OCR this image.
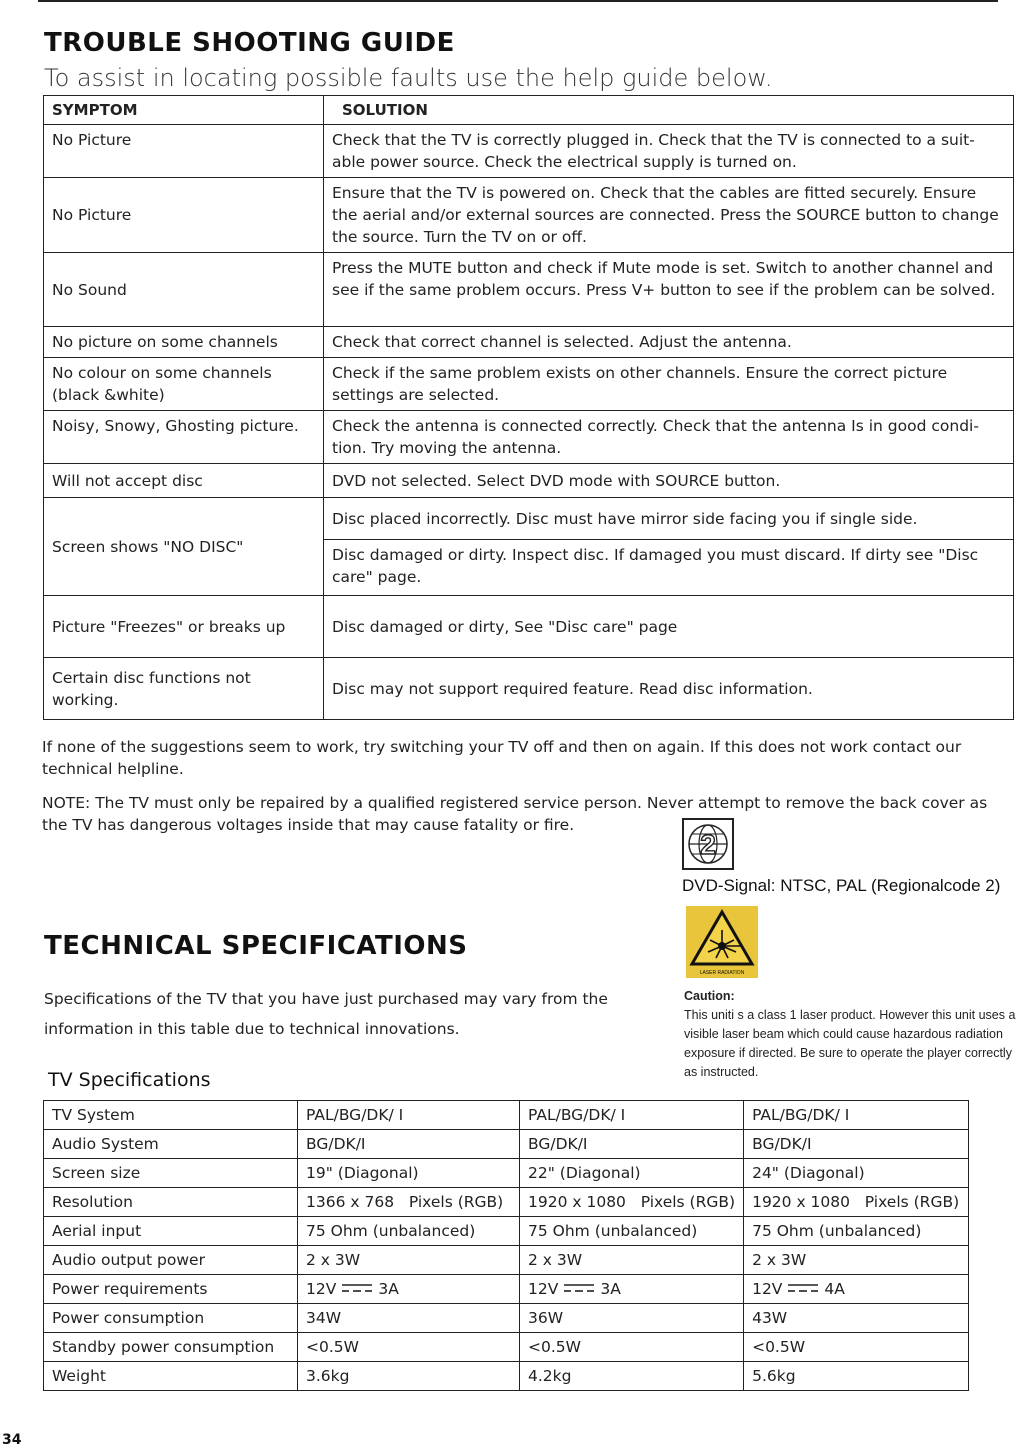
TROUBLE SHOOTING GUIDE
To assist in locating possible faults use the help guide below.
SYMPTOM	SOLUTION
No Picture	Check that the TV is correctly plugged in. Check that the TV is connected to a suit-able power source. Check the electrical supply is turned on.
No Picture	Ensure that the TV is powered on. Check that the cables are fitted securely. Ensure the aerial and/or external sources are connected. Press the SOURCE button to change the source. Turn the TV on or off.
No Sound	Press the MUTE button and check if Mute mode is set. Switch to another channel and see if the same problem occurs. Press V+ button to see if the problem can be solved.
No picture on some channels	Check that correct channel is selected. Adjust the antenna.
No colour on some channels (black &white)	Check if the same problem exists on other channels. Ensure the correct picture settings are selected.
Noisy, Snowy, Ghosting picture.	Check the antenna is connected correctly. Check that the antenna Is in good condi-tion. Try moving the antenna.
Will not accept disc	DVD not selected. Select DVD mode with SOURCE button.
Screen shows "NO DISC"	Disc placed incorrectly. Disc must have mirror side facing you if single side.
	Disc damaged or dirty. Inspect disc. If damaged you must discard. If dirty see "Disc care" page.
Picture "Freezes" or breaks up	Disc damaged or dirty, See "Disc care" page
Certain disc functions not working.	Disc may not support required feature. Read disc information.
If none of the suggestions seem to work, try switching your TV off and then on again. If this does not work contact our technical helpline.
NOTE: The TV must only be repaired by a qualified registered service person. Never attempt to remove the back cover as the TV has dangerous voltages inside that may cause fatality or fire.
2
DVD-Signal: NTSC, PAL (Regionalcode 2)
LASER RADIATION
Caution:
This uniti s a class 1 laser product. However this unit uses a visible laser beam which could cause hazardous radiation exposure if directed. Be sure to operate the player correctly as instructed.
TECHNICAL SPECIFICATIONS
Specifications of the TV that you have just purchased may vary from the information in this table due to technical innovations.
TV Specifications
TV System	PAL/BG/DK/ I	PAL/BG/DK/ I	PAL/BG/DK/ I
Audio System	BG/DK/I	BG/DK/I	BG/DK/I
Screen size	19" (Diagonal)	22" (Diagonal)	24" (Diagonal)
Resolution	1366 x 768   Pixels (RGB)	1920 x 1080   Pixels (RGB)	1920 x 1080   Pixels (RGB)
Aerial input	75 Ohm (unbalanced)	75 Ohm (unbalanced)	75 Ohm (unbalanced)
Audio output power	2 x 3W	2 x 3W	2 x 3W
Power requirements	12V 3A	12V 3A	12V 4A
Power consumption	34W	36W	43W
Standby power consumption	<0.5W	<0.5W	<0.5W
Weight	3.6kg	4.2kg	5.6kg
34
